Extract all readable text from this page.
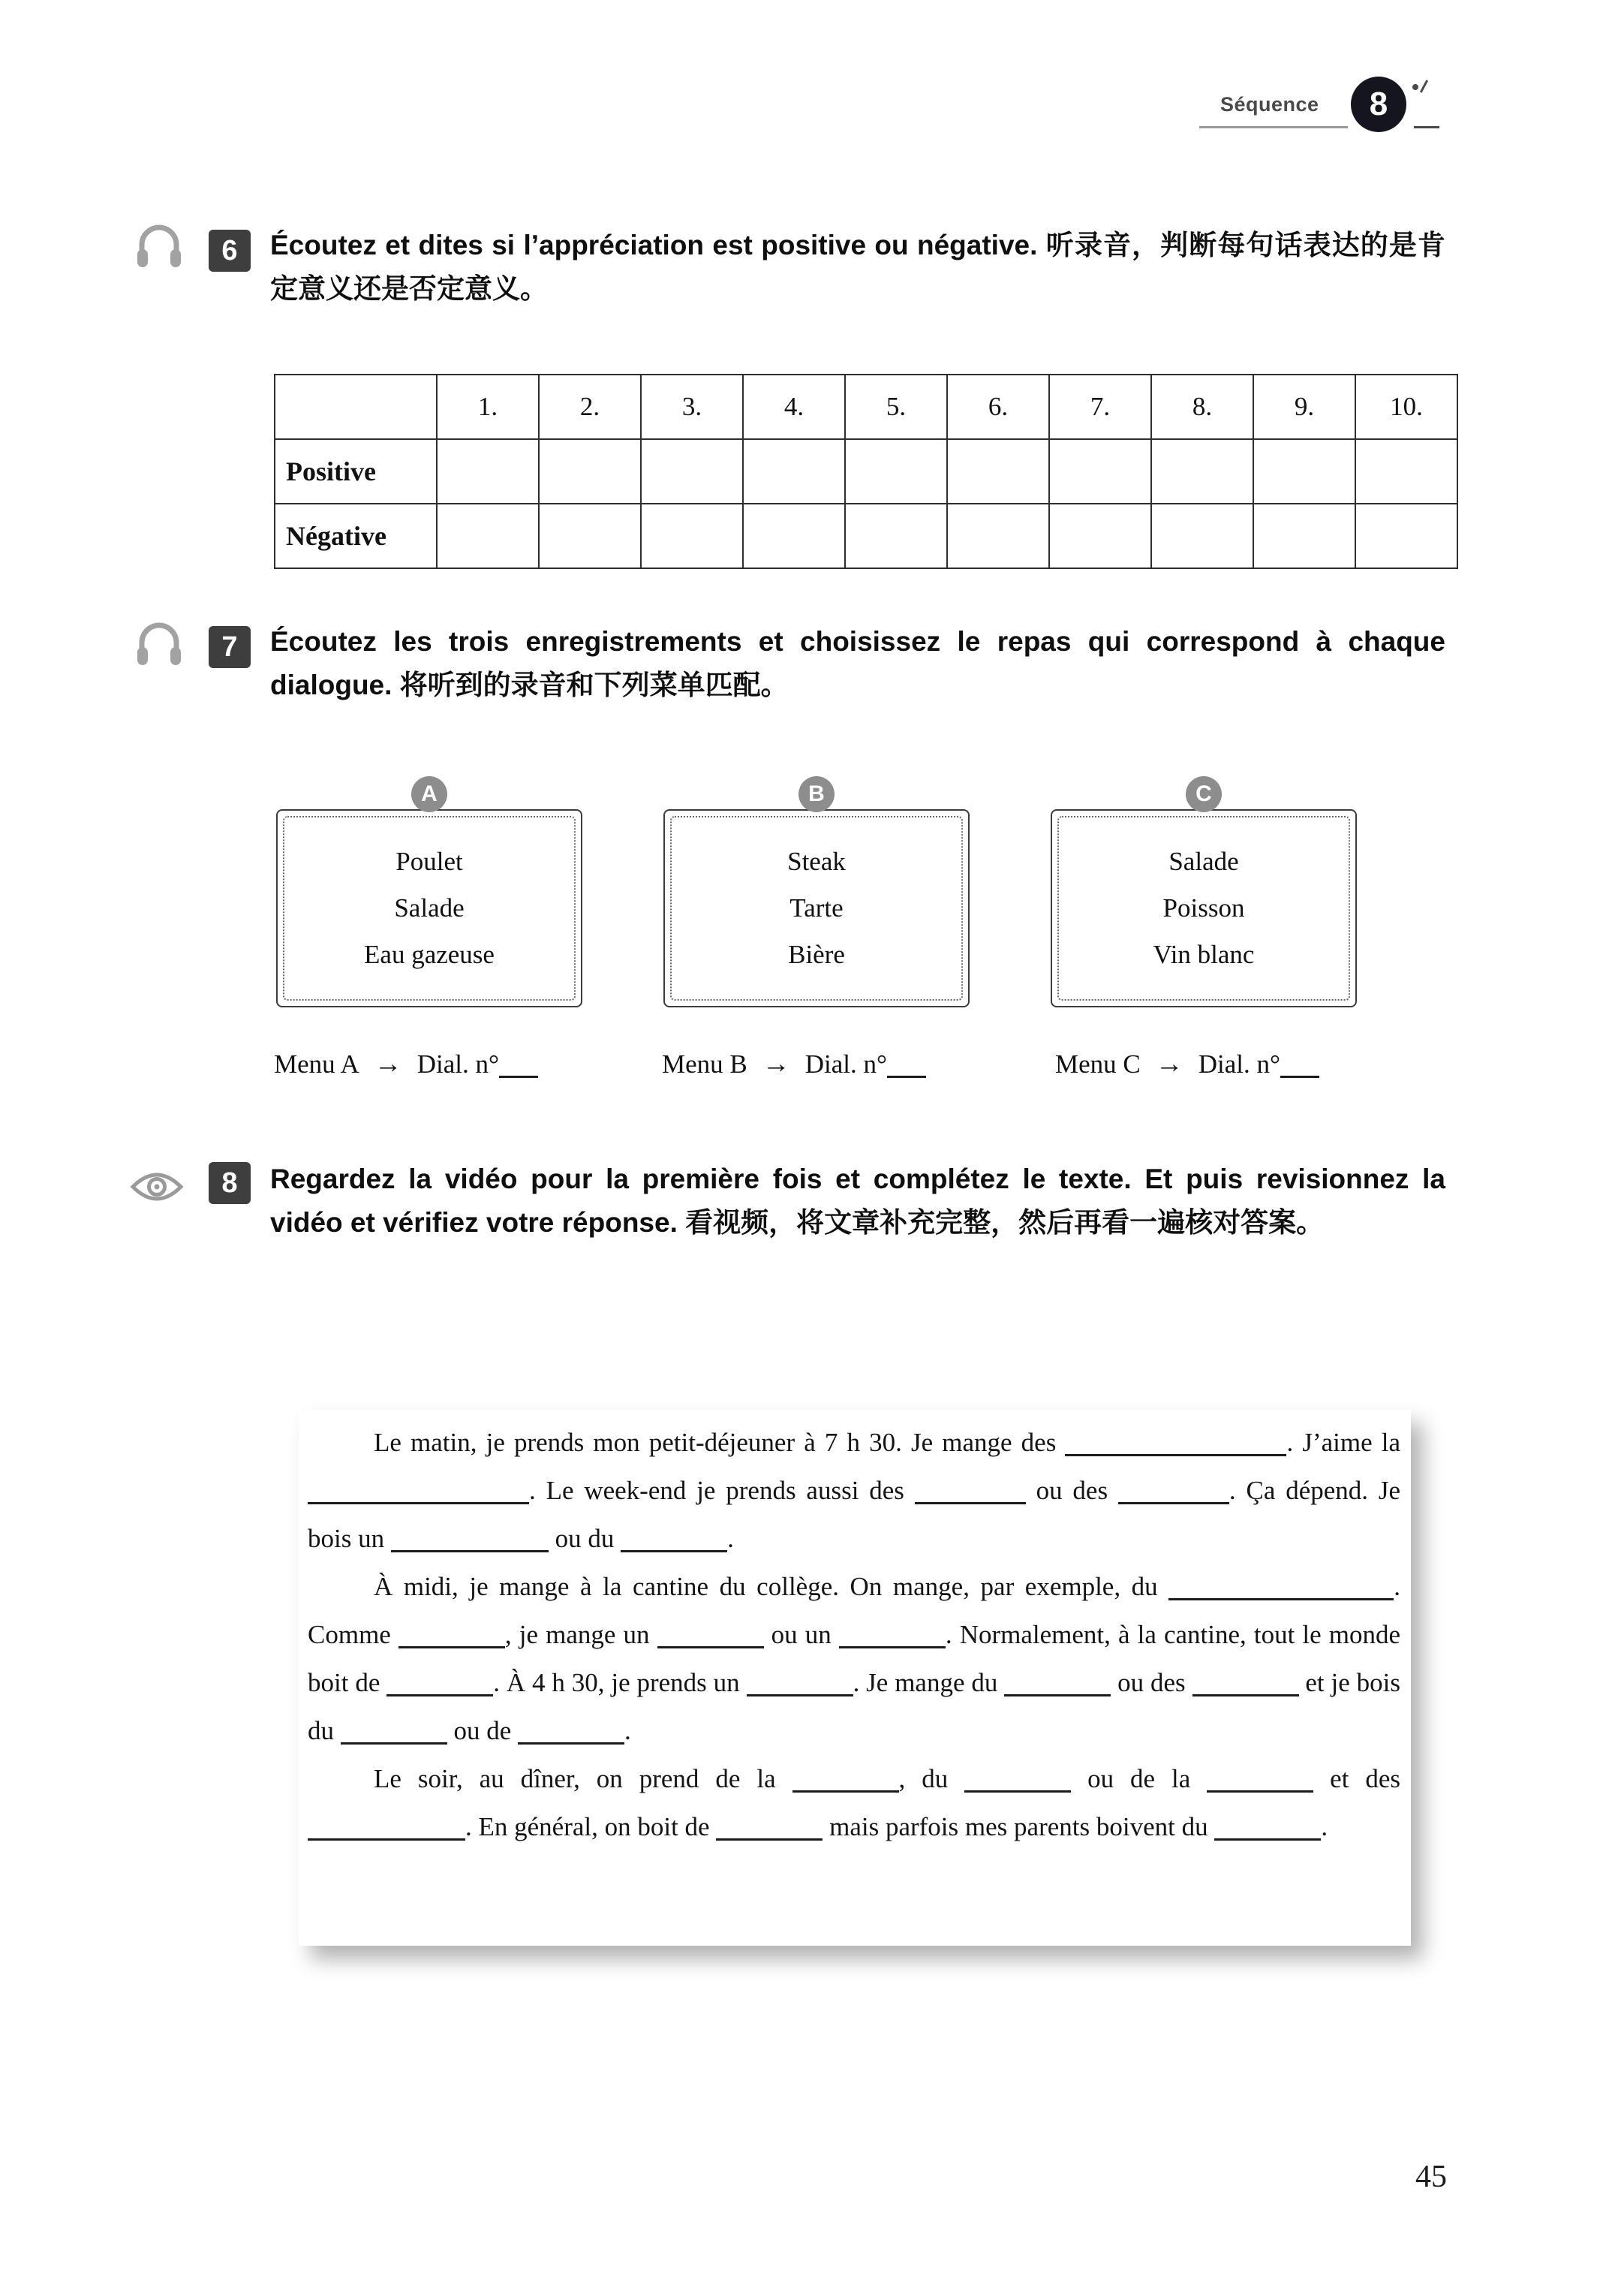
Séquence	8
6	Écoutez et dites si l’appréciation est positive ou négative. 听录音，判断每句话表达的是肯定意义还是否定意义。
	1.	2.	3.	4.	5.	6.	7.	8.	9.	10.
Positive										
Négative										
7	Écoutez les trois enregistrements et choisissez le repas qui correspond à chaque dialogue. 将听到的录音和下列菜单匹配。
A
Poulet
Salade
Eau gazeuse
B
Steak
Tarte
Bière
C
Salade
Poisson
Vin blanc
Menu A → Dial. n°	Menu B → Dial. n°	Menu C → Dial. n°
8	Regardez la vidéo pour la première fois et complétez le texte. Et puis revisionnez la vidéo et vérifiez votre réponse. 看视频，将文章补充完整，然后再看一遍核对答案。

Le matin, je prends mon petit-déjeuner à 7 h 30. Je mange des	. J’aime la . Le week-end je prends aussi des	ou des	. Ça dépend. Je bois un	ou du	.

À midi, je mange à la cantine du collège. On mange, par exemple, du	. Comme	, je mange un	ou un	. Normalement, à la cantine, tout le monde boit de	. À 4 h 30, je prends un	. Je mange du	ou des	et je bois du	ou de	.

Le soir, au dîner, on prend de la	, du	ou de la	et des . En général, on boit de	mais parfois mes parents boivent du	.

45
